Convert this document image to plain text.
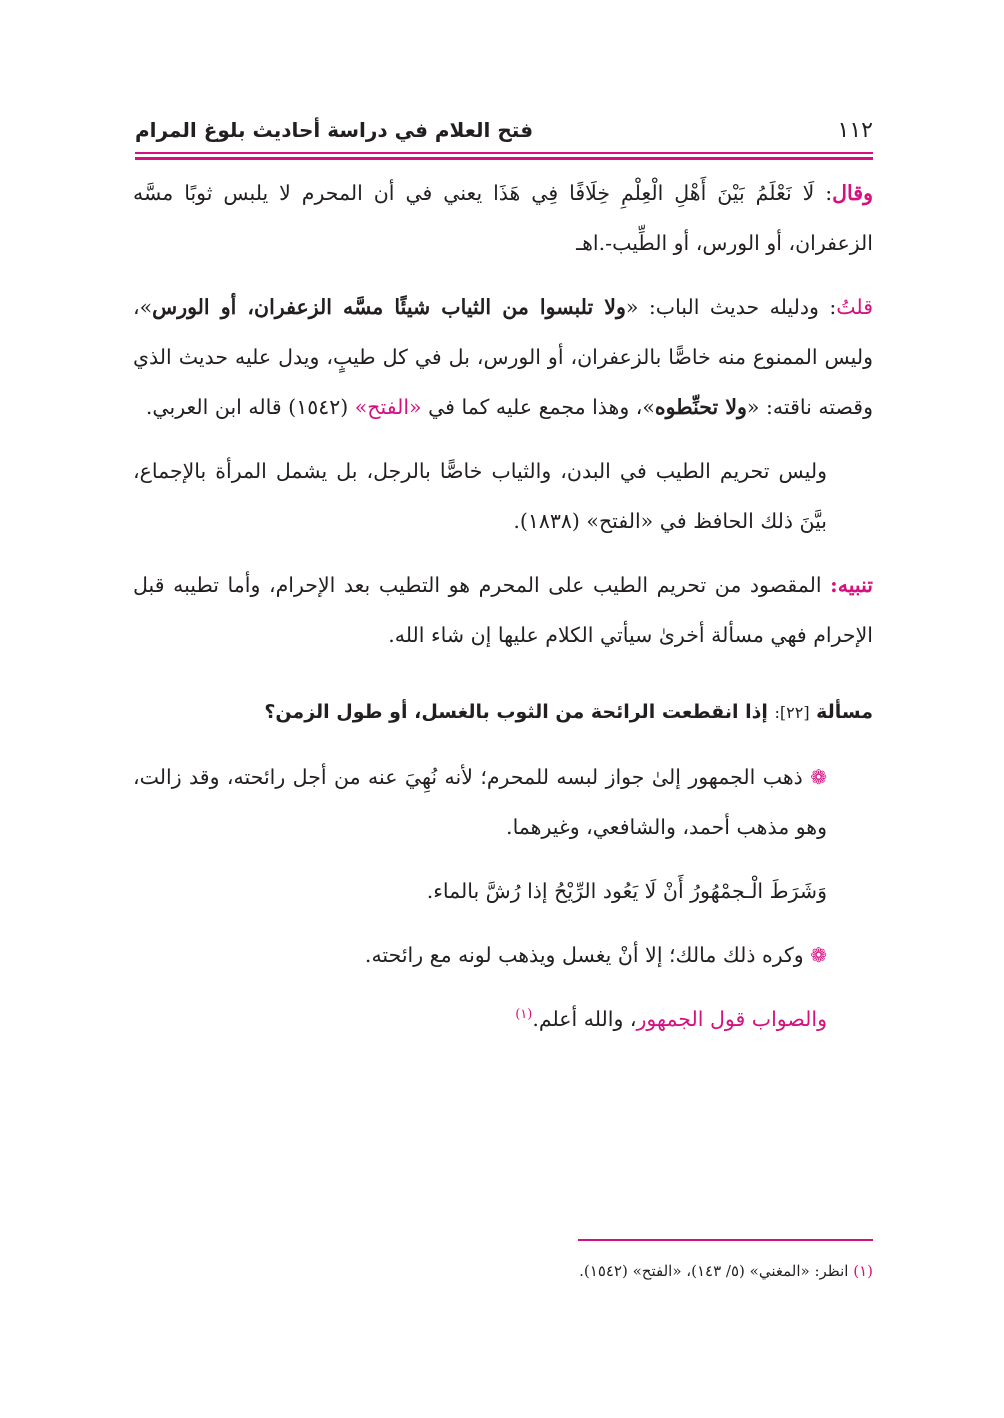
١١٢
فتح العلام في دراسة أحاديث بلوغ المرام

وقال: لَا نَعْلَمُ بَيْنَ أَهْلِ الْعِلْمِ خِلَافًا فِي هَذَا يعني في أن المحرم لا يلبس ثوبًا مسَّه الزعفران، أو الورس، أو الطِّيب-.اهـ

قلتُ: ودليله حديث الباب: «ولا تلبسوا من الثياب شيئًا مسَّه الزعفران، أو الورس»، وليس الممنوع منه خاصًّا بالزعفران، أو الورس، بل في كل طيبٍ، ويدل عليه حديث الذي وقصته ناقته: «ولا تحنِّطوه»، وهذا مجمع عليه كما في «الفتح» (١٥٤٢) قاله ابن العربي.

وليس تحريم الطيب في البدن، والثياب خاصًّا بالرجل، بل يشمل المرأة بالإجماع، بيَّنَ ذلك الحافظ في «الفتح» (١٨٣٨).

تنبيه: المقصود من تحريم الطيب على المحرم هو التطيب بعد الإحرام، وأما تطيبه قبل الإحرام فهي مسألة أخرىٰ سيأتي الكلام عليها إن شاء الله.

مسألة [٢٢]: إذا انقطعت الرائحة من الثوب بالغسل، أو طول الزمن؟

❁ ذهب الجمهور إلىٰ جواز لبسه للمحرم؛ لأنه نُهِيَ عنه من أجل رائحته، وقد زالت، وهو مذهب أحمد، والشافعي، وغيرهما.

وَشَرَطَ الْـجمْهُورُ أَنْ لَا يَعُود الرِّيْحُ إذا رُشَّ بالماء.

❁ وكره ذلك مالك؛ إلا أنْ يغسل ويذهب لونه مع رائحته.

والصواب قول الجمهور، والله أعلم.$^{(١)}$

(١) انظر: «المغني» (٥/ ١٤٣)، «الفتح» (١٥٤٢).
